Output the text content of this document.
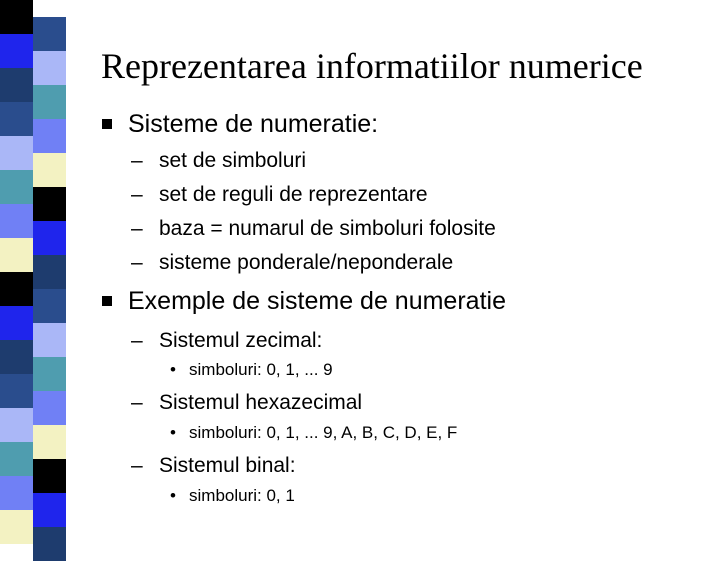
Reprezentarea informatiilor numerice
Sisteme de numeratie:
– set de simboluri
– set de reguli de reprezentare
– baza = numarul de simboluri folosite
– sisteme ponderale/neponderale
Exemple de sisteme de numeratie
– Sistemul zecimal:
• simboluri: 0, 1, ... 9
– Sistemul hexazecimal
• simboluri: 0, 1, ... 9, A, B, C, D, E, F
– Sistemul binal:
• simboluri: 0, 1
